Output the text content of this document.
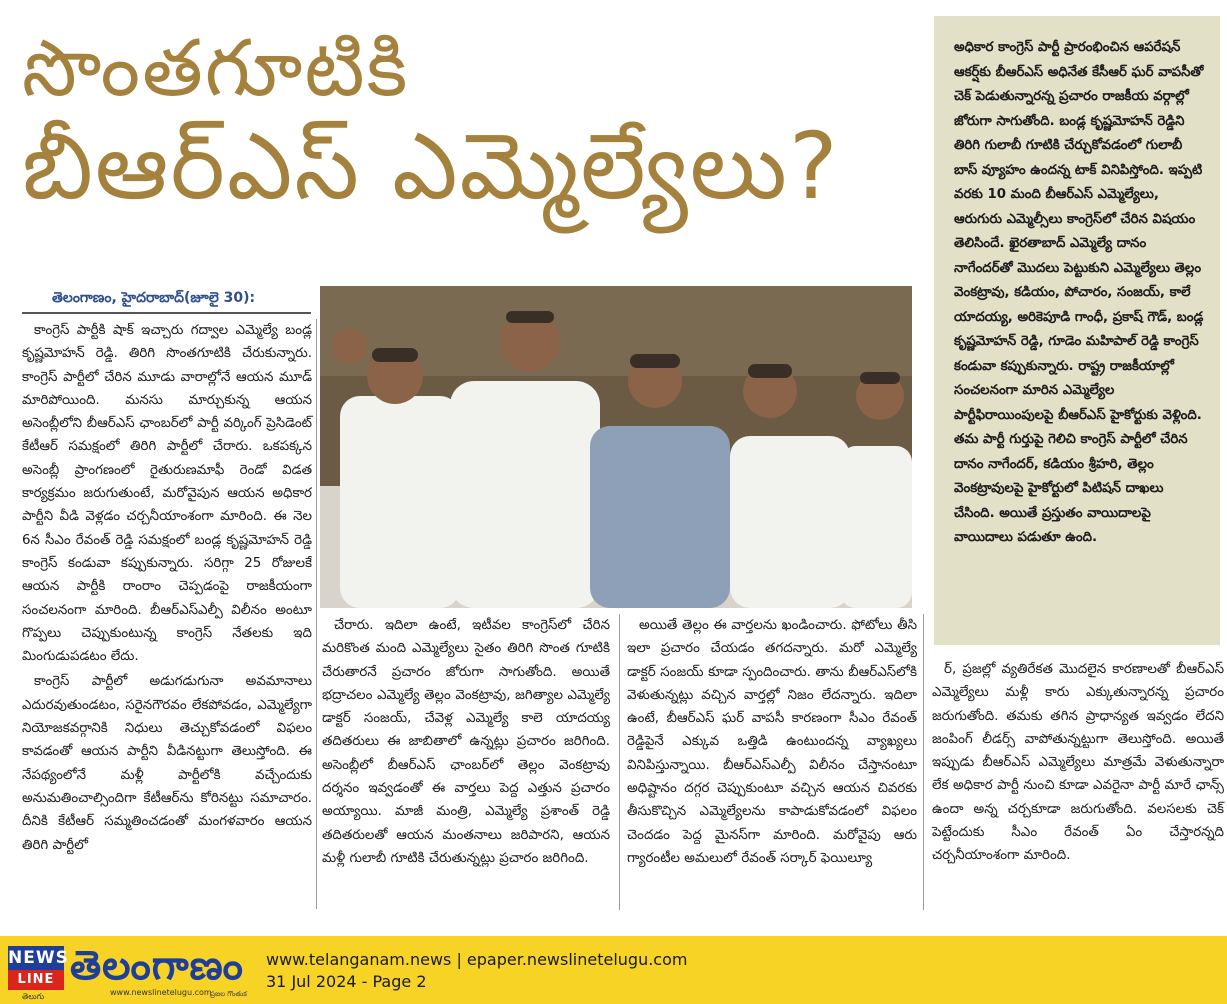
సొంతగూటికి
బీఆర్ఎస్ ఎమ్మెల్యేలు?

అధికార కాంగ్రెస్ పార్టీ ప్రారంభించిన ఆపరేషన్ ఆకర్ష్‌కు బీఆర్ఎస్ అధినేత కేసీఆర్ ఘర్ వాపసీతో చెక్ పెడుతున్నారన్న ప్రచారం రాజకీయ వర్గాల్లో జోరుగా సాగుతోంది. బండ్ల కృష్ణమోహన్ రెడ్డిని తిరిగి గులాబీ గూటికి చేర్చుకోవడంలో గులాబీ బాస్ వ్యూహం ఉందన్న టాక్ వినిపిస్తోంది. ఇప్పటి వరకు 10 మంది బీఆర్ఎస్ ఎమ్మెల్యేలు, ఆరుగురు ఎమ్మెల్సీలు కాంగ్రెస్‌లో చేరిన విషయం తెలిసిందే. ఖైరతాబాద్ ఎమ్మెల్యే దానం నాగేందర్‌తో మొదలు పెట్టుకుని ఎమ్మెల్యేలు తెల్లం వెంకట్రావు, కడియం, పోచారం, సంజయ్, కాలే యాదయ్య, అరికెపూడి గాంధీ, ప్రకాష్ గౌడ్, బండ్ల కృష్ణమోహన్ రెడ్డి, గూడెం మహిపాల్ రెడ్డి కాంగ్రెస్ కండువా కప్పుకున్నారు. రాష్ట్ర రాజకీయాల్లో సంచలనంగా మారిన ఎమ్మెల్యేల పార్టీఫిరాయింపులపై బీఆర్ఎస్ హైకోర్టుకు వెళ్లింది. తమ పార్టీ గుర్తుపై గెలిచి కాంగ్రెస్ పార్టీలో చేరిన దానం నాగేందర్, కడియం శ్రీహరి, తెల్లం వెంకట్రావులపై హైకోర్టులో పిటిషన్ దాఖలు చేసింది. అయితే ప్రస్తుతం వాయిదాలపై వాయిదాలు పడుతూ ఉంది.

తెలంగాణం, హైదరాబాద్(జూలై 30):

కాంగ్రెస్ పార్టీకి షాక్ ఇచ్చారు గద్వాల ఎమ్మెల్యే బండ్ల కృష్ణమోహన్ రెడ్డి. తిరిగి సొంతగూటికి చేరుకున్నారు. కాంగ్రెస్ పార్టీలో చేరిన మూడు వారాల్లోనే ఆయన మూడ్ మారిపోయింది. మనసు మార్చుకున్న ఆయన అసెంబ్లీలోని బీఆర్ఎస్ ఛాంబర్‌లో పార్టీ వర్కింగ్ ప్రెసిడెంట్ కేటీఆర్ సమక్షంలో తిరిగి పార్టీలో చేరారు. ఒకపక్కన అసెంబ్లీ ప్రాంగణంలో రైతురుణమాఫీ రెండో విడత కార్యక్రమం జరుగుతుంటే, మరోవైపున ఆయన అధికార పార్టీని వీడి వెళ్లడం చర్చనీయాంశంగా మారింది. ఈ నెల 6న సీఎం రేవంత్ రెడ్డి సమక్షంలో బండ్ల కృష్ణమోహన్ రెడ్డి కాంగ్రెస్ కండువా కప్పుకున్నారు. సరిగ్గా 25 రోజులకే ఆయన పార్టీకి రాంరాం చెప్పడంపై రాజకీయంగా సంచలనంగా మారింది. బీఆర్ఎస్ఎల్పీ విలీనం అంటూ గొప్పలు చెప్పుకుంటున్న కాంగ్రెస్ నేతలకు ఇది మింగుడుపడటం లేదు.

కాంగ్రెస్ పార్టీలో అడుగడుగునా అవమానాలు ఎదురవుతుండటం, సరైనగౌరవం లేకపోవడం, ఎమ్మెల్యేగా నియోజకవర్గానికి నిధులు తెచ్చుకోవడంలో విఫలం కావడంతో ఆయన పార్టీని వీడినట్టుగా తెలుస్తోంది. ఈ నేపథ్యంలోనే మళ్లీ పార్టీలోకి వచ్చేందుకు అనుమతించాల్సిందిగా కేటీఆర్‌ను కోరినట్టు సమాచారం. దీనికి కేటీఆర్ సమ్మతించడంతో మంగళవారం ఆయన తిరిగి పార్టీలో

చేరారు. ఇదిలా ఉంటే, ఇటీవల కాంగ్రెస్‌లో చేరిన మరికొంత మంది ఎమ్మెల్యేలు సైతం తిరిగి సొంత గూటికి చేరుతారనే ప్రచారం జోరుగా సాగుతోంది. అయితే భద్రాచలం ఎమ్మెల్యే తెల్లం వెంకట్రావు, జగిత్యాల ఎమ్మెల్యే డాక్టర్ సంజయ్, చేవెళ్ల ఎమ్మెల్యే కాలె యాదయ్య తదితరులు ఈ జాబితాలో ఉన్నట్లు ప్రచారం జరిగింది. అసెంబ్లీలో బీఆర్ఎస్ ఛాంబర్‌లో తెల్లం వెంకట్రావు దర్శనం ఇవ్వడంతో ఈ వార్తలు పెద్ద ఎత్తున ప్రచారం అయ్యాయి. మాజీ మంత్రి, ఎమ్మెల్యే ప్రశాంత్ రెడ్డి తదితరులతో ఆయన మంతనాలు జరిపారని, ఆయన మళ్లీ గులాబీ గూటికి చేరుతున్నట్లు ప్రచారం జరిగింది.

అయితే తెల్లం ఈ వార్తలను ఖండించారు. ఫోటోలు తీసి ఇలా ప్రచారం చేయడం తగదన్నారు. మరో ఎమ్మెల్యే డాక్టర్ సంజయ్ కూడా స్పందించారు. తాను బీఆర్ఎస్‌లోకి వెళుతున్నట్లు వచ్చిన వార్తల్లో నిజం లేదన్నారు. ఇదిలా ఉంటే, బీఆర్ఎస్ ఘర్ వాపసీ కారణంగా సీఎం రేవంత్ రెడ్డిపైనే ఎక్కువ ఒత్తిడి ఉంటుందన్న వ్యాఖ్యలు వినిపిస్తున్నాయి. బీఆర్ఎస్ఎల్పీ విలీనం చేస్తానంటూ అధిష్టానం దగ్గర చెప్పుకుంటూ వచ్చిన ఆయన చివరకు తీసుకొచ్చిన ఎమ్మెల్యేలను కాపాడుకోవడంలో విఫలం చెందడం పెద్ద మైనస్‌గా మారింది. మరోవైపు ఆరు గ్యారంటీల అమలులో రేవంత్ సర్కార్ ఫెయిల్యూ

ర్, ప్రజల్లో వ్యతిరేకత మొదలైన కారణాలతో బీఆర్ఎస్ ఎమ్మెల్యేలు మళ్లీ కారు ఎక్కుతున్నారన్న ప్రచారం జరుగుతోంది. తమకు తగిన ప్రాధాన్యత ఇవ్వడం లేదని జంపింగ్ లీడర్స్ వాపోతున్నట్టుగా తెలుస్తోంది. అయితే ఇప్పుడు బీఆర్ఎస్ ఎమ్మెల్యేలు మాత్రమే వెళుతున్నారా లేక అధికార పార్టీ నుంచి కూడా ఎవరైనా పార్టీ మారే ఛాన్స్ ఉందా అన్న చర్చకూడా జరుగుతోంది. వలసలకు చెక్ పెట్టేందుకు సీఎం రేవంత్ ఏం చేస్తారన్నది చర్చనీయాంశంగా మారింది.

NEWS
LINE
తెలుగు
తెలంగాణం
www.newslinetelugu.com
ప్రజల గొంతుక
www.telanganam.news | epaper.newslinetelugu.com
31 Jul 2024 - Page 2
